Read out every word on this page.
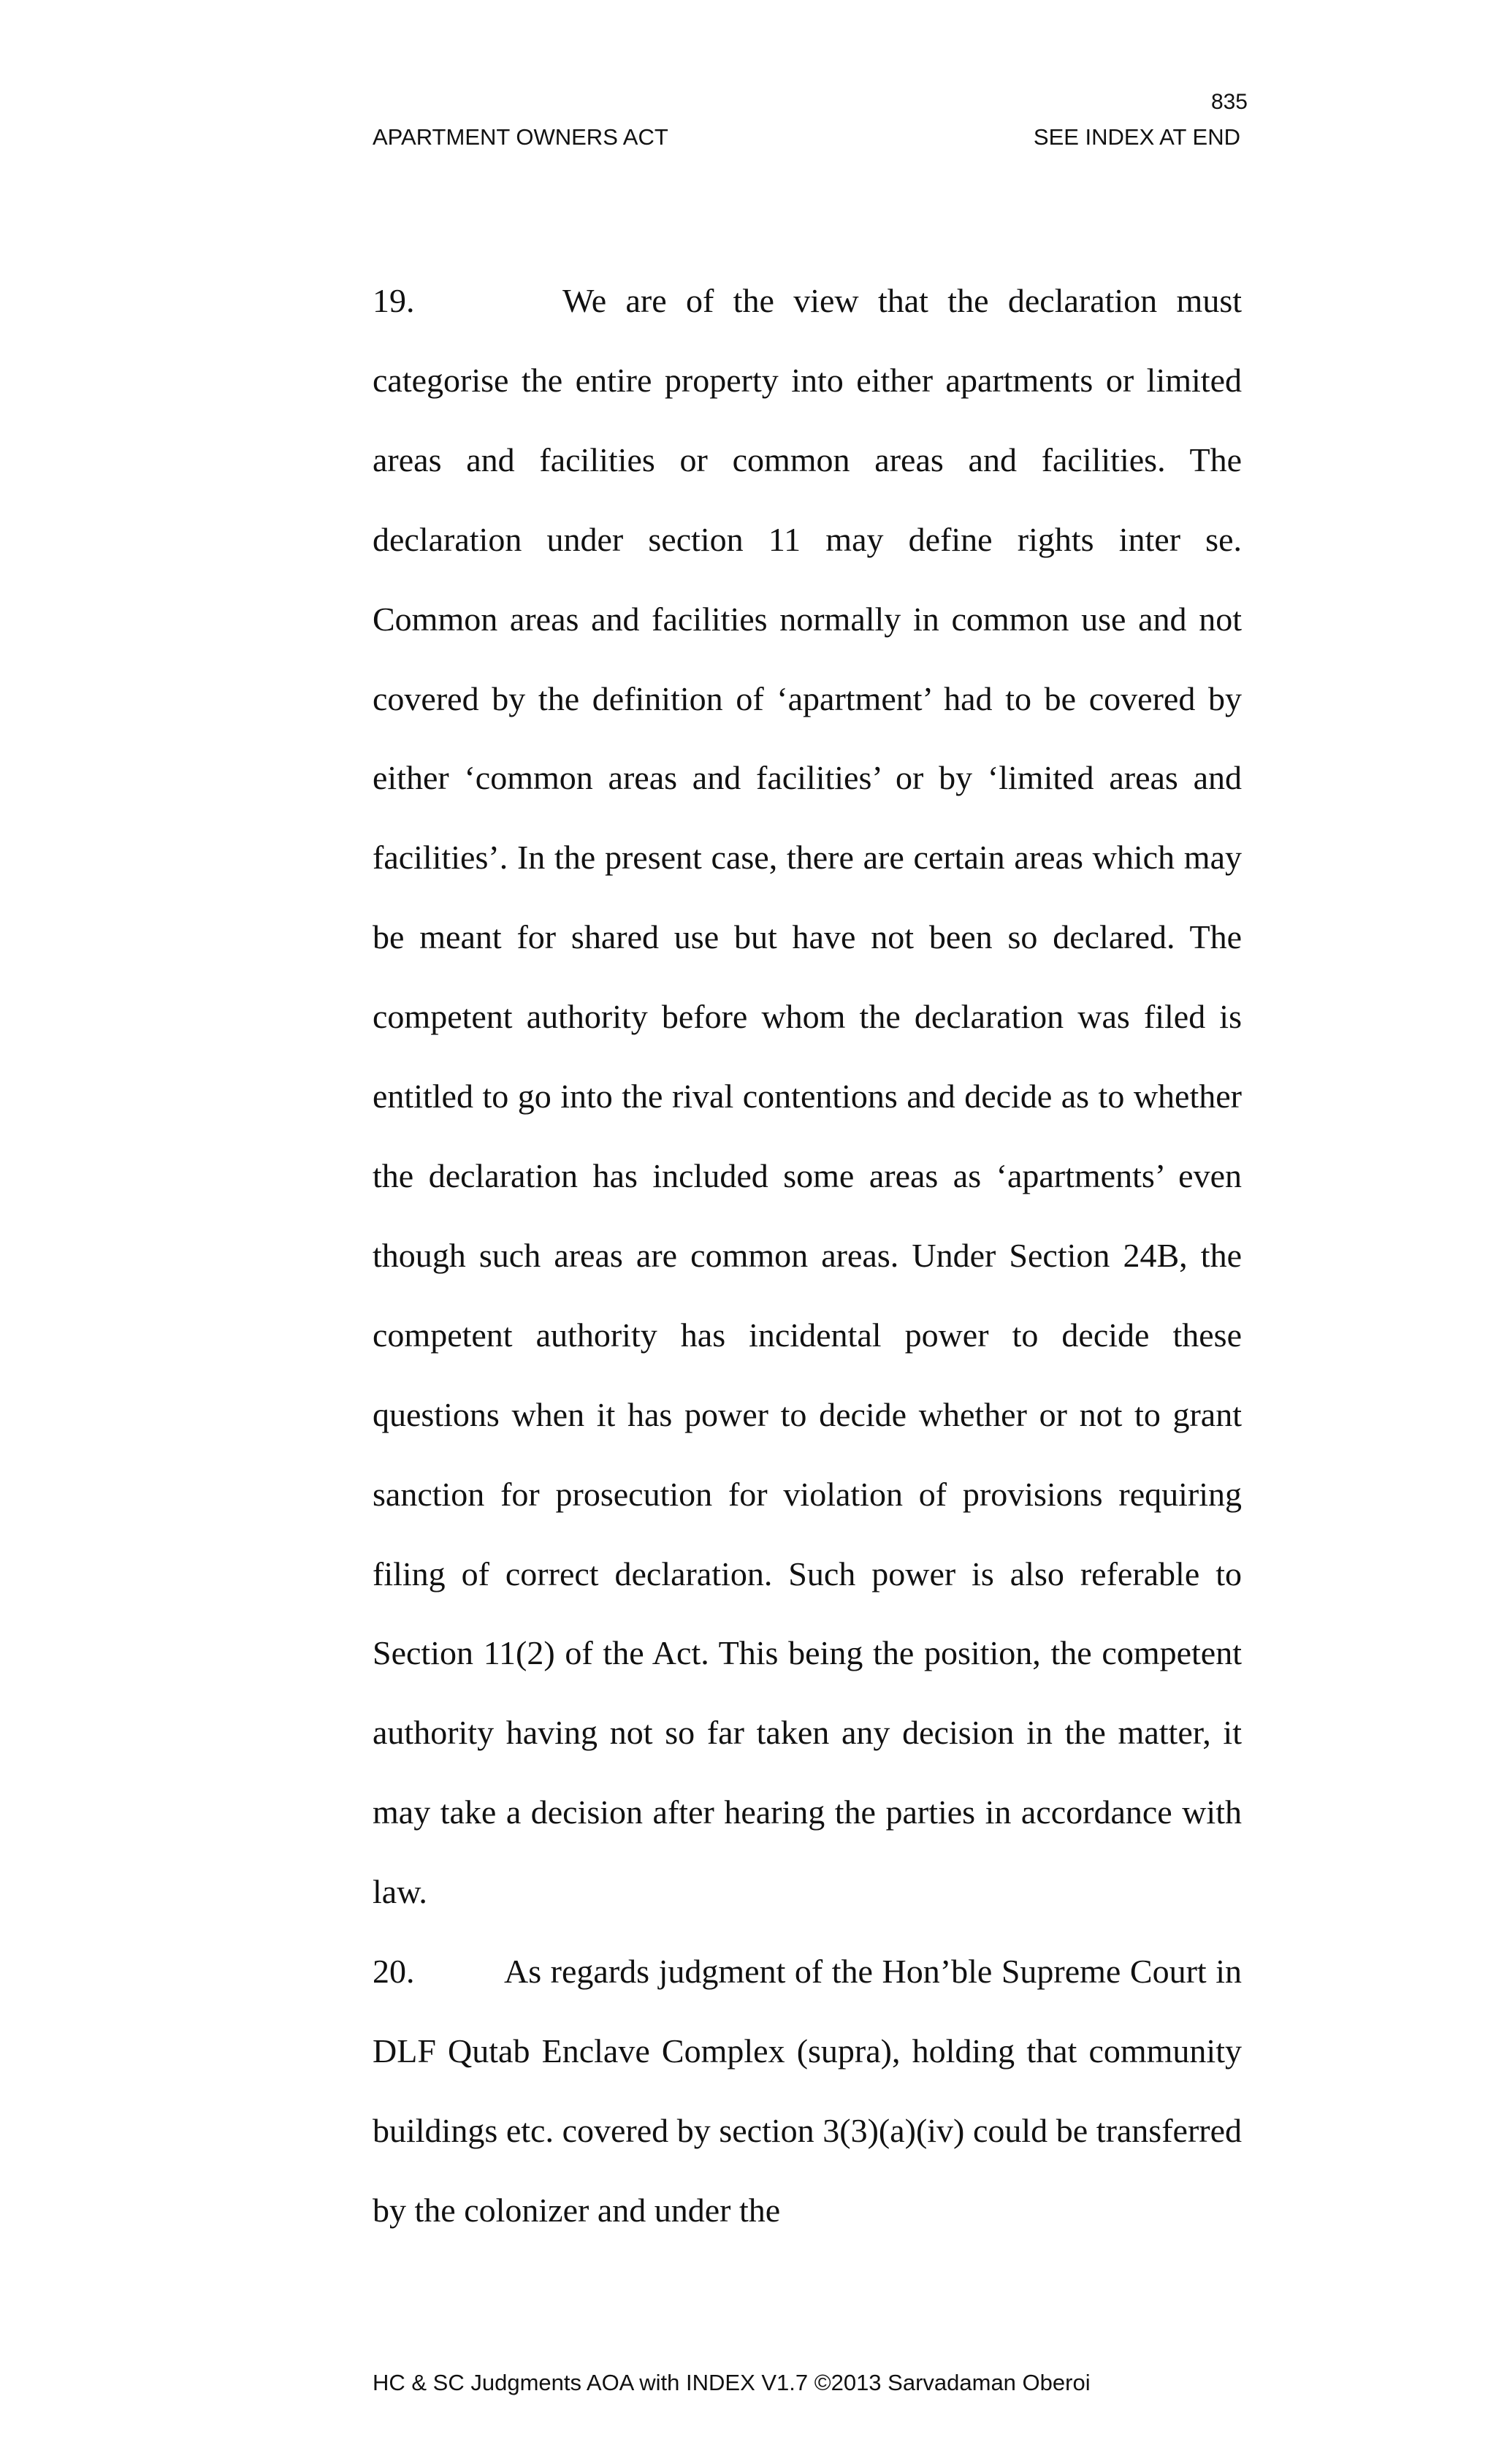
835
APARTMENT OWNERS ACT	SEE INDEX AT END

19.	We are of the view that the declaration must categorise the entire property into either apartments or limited areas and facilities or common areas and facilities. The declaration under section 11 may define rights inter se. Common areas and facilities normally in common use and not covered by the definition of ‘apartment’ had to be covered by either ‘common areas and facilities’ or by ‘limited areas and facilities’. In the present case, there are certain areas which may be meant for shared use but have not been so declared. The competent authority before whom the declaration was filed is entitled to go into the rival contentions and decide as to whether the declaration has included some areas as ‘apartments’ even though such areas are common areas. Under Section 24B, the competent authority has incidental power to decide these questions when it has power to decide whether or not to grant sanction for prosecution for violation of provisions requiring filing of correct declaration. Such power is also referable to Section 11(2) of the Act. This being the position, the competent authority having not so far taken any decision in the matter, it may take a decision after hearing the parties in accordance with law.

20.	As regards judgment of the Hon’ble Supreme Court in DLF Qutab Enclave Complex (supra), holding that community buildings etc. covered by section 3(3)(a)(iv) could be transferred by the colonizer and under the

HC & SC Judgments AOA with INDEX V1.7 ©2013 Sarvadaman Oberoi
